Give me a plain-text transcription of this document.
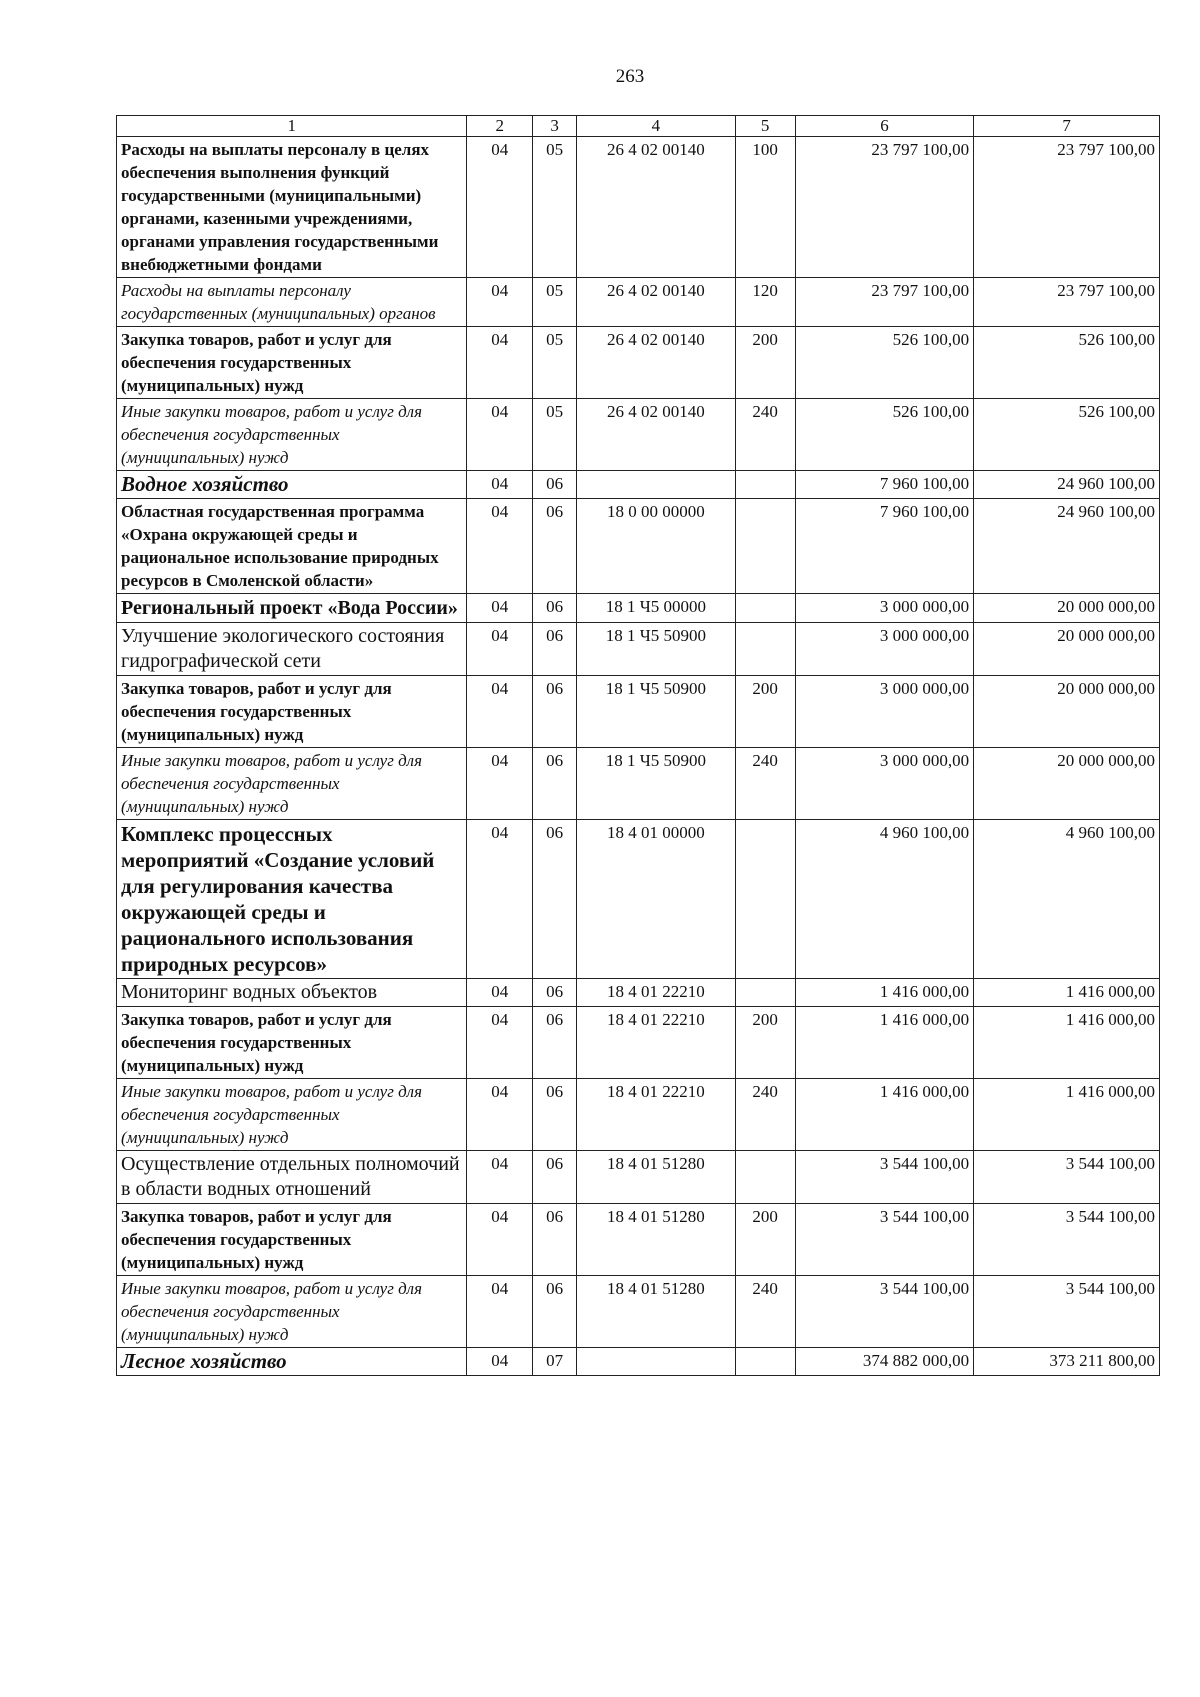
263
1	2	3	4	5	6	7
Расходы на выплаты персоналу в целях обеспечения выполнения функций государственными (муниципальными) органами, казенными учреждениями, органами управления государственными внебюджетными фондами	04	05	26 4 02 00140	100	23 797 100,00	23 797 100,00
Расходы на выплаты персоналу государственных (муниципальных) органов	04	05	26 4 02 00140	120	23 797 100,00	23 797 100,00
Закупка товаров, работ и услуг для обеспечения государственных (муниципальных) нужд	04	05	26 4 02 00140	200	526 100,00	526 100,00
Иные закупки товаров, работ и услуг для обеспечения государственных (муниципальных) нужд	04	05	26 4 02 00140	240	526 100,00	526 100,00
Водное хозяйство	04	06			7 960 100,00	24 960 100,00
Областная государственная программа «Охрана окружающей среды и рациональное использование природных ресурсов в Смоленской области»	04	06	18 0 00 00000		7 960 100,00	24 960 100,00
Региональный проект «Вода России»	04	06	18 1 Ч5 00000		3 000 000,00	20 000 000,00
Улучшение экологического состояния гидрографической сети	04	06	18 1 Ч5 50900		3 000 000,00	20 000 000,00
Закупка товаров, работ и услуг для обеспечения государственных (муниципальных) нужд	04	06	18 1 Ч5 50900	200	3 000 000,00	20 000 000,00
Иные закупки товаров, работ и услуг для обеспечения государственных (муниципальных) нужд	04	06	18 1 Ч5 50900	240	3 000 000,00	20 000 000,00
Комплекс процессных мероприятий «Создание условий для регулирования качества окружающей среды и рационального использования природных ресурсов»	04	06	18 4 01 00000		4 960 100,00	4 960 100,00
Мониторинг водных объектов	04	06	18 4 01 22210		1 416 000,00	1 416 000,00
Закупка товаров, работ и услуг для обеспечения государственных (муниципальных) нужд	04	06	18 4 01 22210	200	1 416 000,00	1 416 000,00
Иные закупки товаров, работ и услуг для обеспечения государственных (муниципальных) нужд	04	06	18 4 01 22210	240	1 416 000,00	1 416 000,00
Осуществление отдельных полномочий в области водных отношений	04	06	18 4 01 51280		3 544 100,00	3 544 100,00
Закупка товаров, работ и услуг для обеспечения государственных (муниципальных) нужд	04	06	18 4 01 51280	200	3 544 100,00	3 544 100,00
Иные закупки товаров, работ и услуг для обеспечения государственных (муниципальных) нужд	04	06	18 4 01 51280	240	3 544 100,00	3 544 100,00
Лесное хозяйство	04	07			374 882 000,00	373 211 800,00
